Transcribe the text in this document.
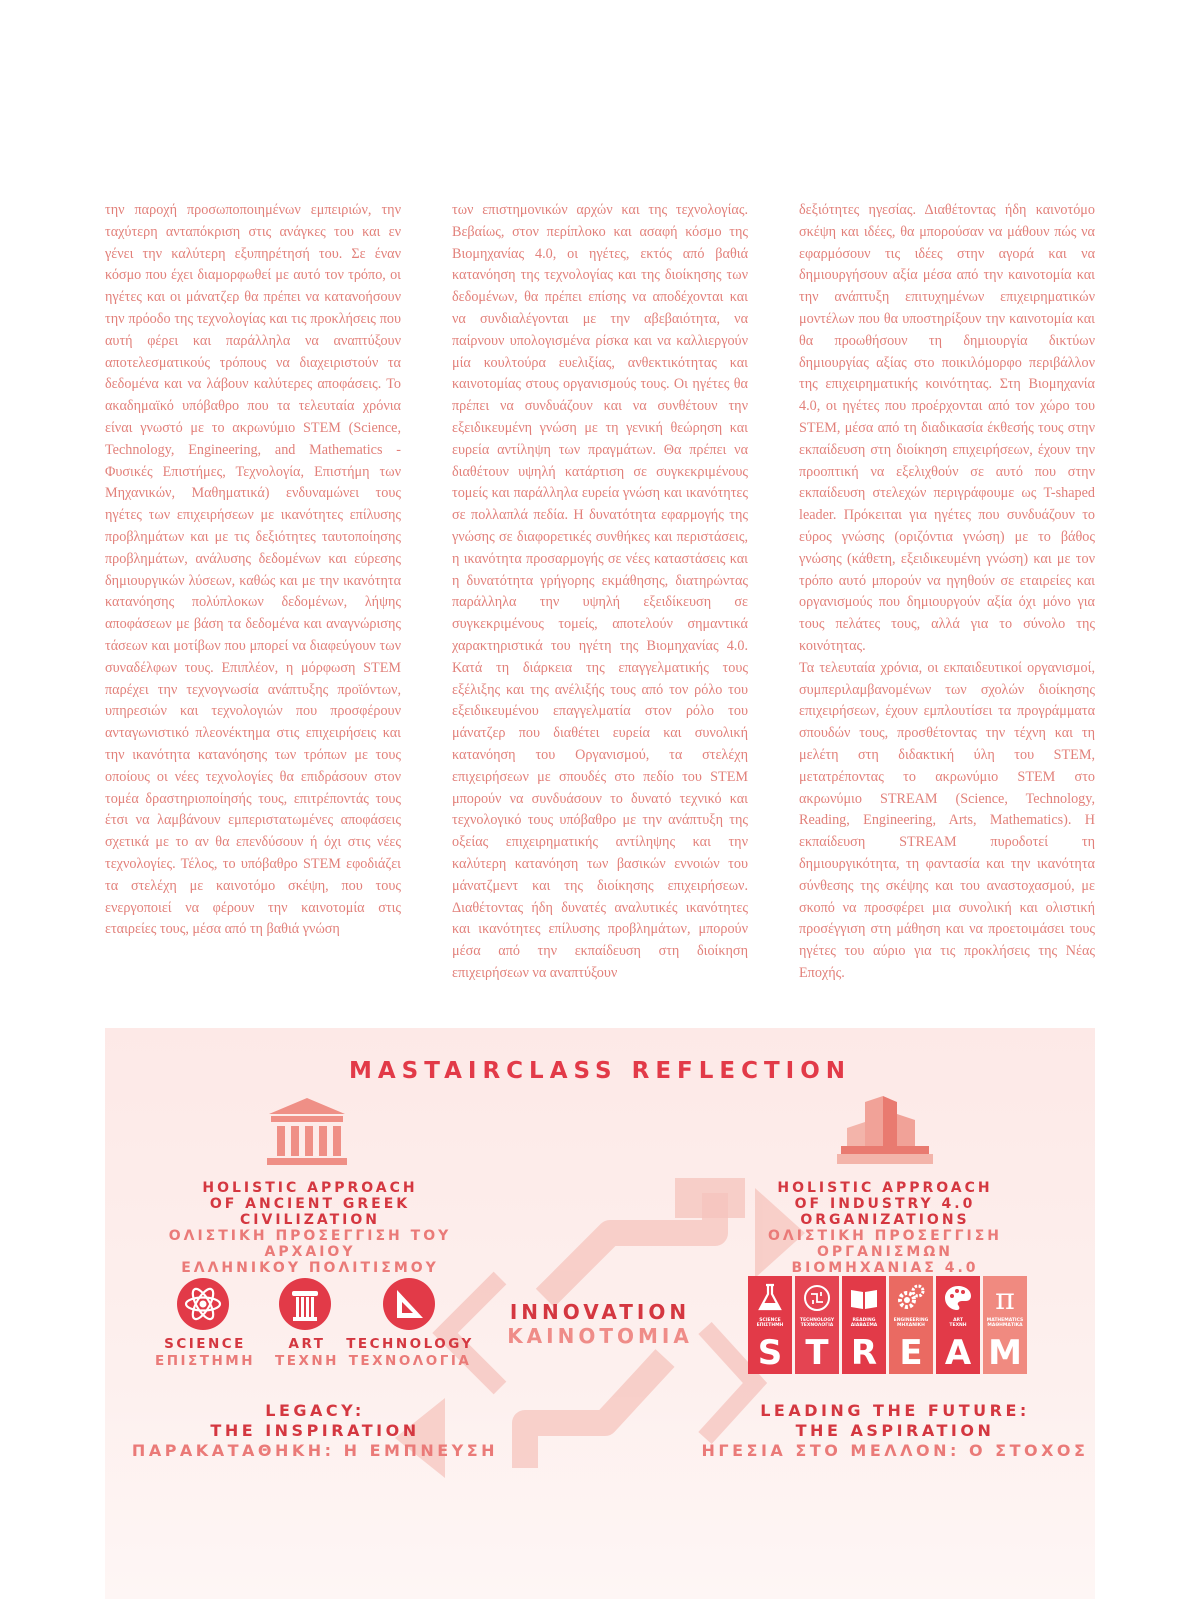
την παροχή προσωποποιημένων εμπειριών, την ταχύτερη ανταπόκριση στις ανάγκες του και εν γένει την καλύτερη εξυπηρέτησή του. Σε έναν κόσμο που έχει διαμορφωθεί με αυτό τον τρόπο, οι ηγέτες και οι μάνατζερ θα πρέπει να κατανοήσουν την πρόοδο της τεχνολογίας και τις προκλήσεις που αυτή φέρει και παράλληλα να αναπτύξουν αποτελεσματικούς τρόπους να διαχειριστούν τα δεδομένα και να λάβουν καλύτερες αποφάσεις. Το ακαδημαϊκό υπόβαθρο που τα τελευταία χρόνια είναι γνωστό με το ακρωνύμιο STEM (Science, Technology, Engineering, and Mathematics - Φυσικές Επιστήμες, Τεχνολογία, Επιστήμη των Μηχανικών, Μαθηματικά) ενδυναμώνει τους ηγέτες των επιχειρήσεων με ικανότητες επίλυσης προβλημάτων και με τις δεξιότητες ταυτοποίησης προβλημάτων, ανάλυσης δεδομένων και εύρεσης δημιουργικών λύσεων, καθώς και με την ικανότητα κατανόησης πολύπλοκων δεδομένων, λήψης αποφάσεων με βάση τα δεδομένα και αναγνώρισης τάσεων και μοτίβων που μπορεί να διαφεύγουν των συναδέλφων τους. Επιπλέον, η μόρφωση STEM παρέχει την τεχνογνωσία ανάπτυξης προϊόντων, υπηρεσιών και τεχνολογιών που προσφέρουν ανταγωνιστικό πλεονέκτημα στις επιχειρήσεις και την ικανότητα κατανόησης των τρόπων με τους οποίους οι νέες τεχνολογίες θα επιδράσουν στον τομέα δραστηριοποίησής τους, επιτρέποντάς τους έτσι να λαμβάνουν εμπεριστατωμένες αποφάσεις σχετικά με το αν θα επενδύσουν ή όχι στις νέες τεχνολογίες. Τέλος, το υπόβαθρο STEM εφοδιάζει τα στελέχη με καινοτόμο σκέψη, που τους ενεργοποιεί να φέρουν την καινοτομία στις εταιρείες τους, μέσα από τη βαθιά γνώση

των επιστημονικών αρχών και της τεχνολογίας. Βεβαίως, στον περίπλοκο και ασαφή κόσμο της Βιομηχανίας 4.0, οι ηγέτες, εκτός από βαθιά κατανόηση της τεχνολογίας και της διοίκησης των δεδομένων, θα πρέπει επίσης να αποδέχονται και να συνδιαλέγονται με την αβεβαιότητα, να παίρνουν υπολογισμένα ρίσκα και να καλλιεργούν μία κουλτούρα ευελιξίας, ανθεκτικότητας και καινοτομίας στους οργανισμούς τους. Οι ηγέτες θα πρέπει να συνδυάζουν και να συνθέτουν την εξειδικευμένη γνώση με τη γενική θεώρηση και ευρεία αντίληψη των πραγμάτων. Θα πρέπει να διαθέτουν υψηλή κατάρτιση σε συγκεκριμένους τομείς και παράλληλα ευρεία γνώση και ικανότητες σε πολλαπλά πεδία. Η δυνατότητα εφαρμογής της γνώσης σε διαφορετικές συνθήκες και περιστάσεις, η ικανότητα προσαρμογής σε νέες καταστάσεις και η δυνατότητα γρήγορης εκμάθησης, διατηρώντας παράλληλα την υψηλή εξειδίκευση σε συγκεκριμένους τομείς, αποτελούν σημαντικά χαρακτηριστικά του ηγέτη της Βιομηχανίας 4.0. Κατά τη διάρκεια της επαγγελματικής τους εξέλιξης και της ανέλιξής τους από τον ρόλο του εξειδικευμένου επαγγελματία στον ρόλο του μάνατζερ που διαθέτει ευρεία και συνολική κατανόηση του Οργανισμού, τα στελέχη επιχειρήσεων με σπουδές στο πεδίο του STEM μπορούν να συνδυάσουν το δυνατό τεχνικό και τεχνολογικό τους υπόβαθρο με την ανάπτυξη της οξείας επιχειρηματικής αντίληψης και την καλύτερη κατανόηση των βασικών εννοιών του μάνατζμεντ και της διοίκησης επιχειρήσεων. Διαθέτοντας ήδη δυνατές αναλυτικές ικανότητες και ικανότητες επίλυσης προβλημάτων, μπορούν μέσα από την εκπαίδευση στη διοίκηση επιχειρήσεων να αναπτύξουν

δεξιότητες ηγεσίας. Διαθέτοντας ήδη καινοτόμο σκέψη και ιδέες, θα μπορούσαν να μάθουν πώς να εφαρμόσουν τις ιδέες στην αγορά και να δημιουργήσουν αξία μέσα από την καινοτομία και την ανάπτυξη επιτυχημένων επιχειρηματικών μοντέλων που θα υποστηρίξουν την καινοτομία και θα προωθήσουν τη δημιουργία δικτύων δημιουργίας αξίας στο ποικιλόμορφο περιβάλλον της επιχειρηματικής κοινότητας. Στη Βιομηχανία 4.0, οι ηγέτες που προέρχονται από τον χώρο του STEM, μέσα από τη διαδικασία έκθεσής τους στην εκπαίδευση στη διοίκηση επιχειρήσεων, έχουν την προοπτική να εξελιχθούν σε αυτό που στην εκπαίδευση στελεχών περιγράφουμε ως T-shaped leader. Πρόκειται για ηγέτες που συνδυάζουν το εύρος γνώσης (οριζόντια γνώση) με το βάθος γνώσης (κάθετη, εξειδικευμένη γνώση) και με τον τρόπο αυτό μπορούν να ηγηθούν σε εταιρείες και οργανισμούς που δημιουργούν αξία όχι μόνο για τους πελάτες τους, αλλά για το σύνολο της κοινότητας.

Τα τελευταία χρόνια, οι εκπαιδευτικοί οργανισμοί, συμπεριλαμβανομένων των σχολών διοίκησης επιχειρήσεων, έχουν εμπλουτίσει τα προγράμματα σπουδών τους, προσθέτοντας την τέχνη και τη μελέτη στη διδακτική ύλη του STEM, μετατρέποντας το ακρωνύμιο STEM στο ακρωνύμιο STREAM (Science, Technology, Reading, Engineering, Arts, Mathematics). Η εκπαίδευση STREAM πυροδοτεί τη δημιουργικότητα, τη φαντασία και την ικανότητα σύνθεσης της σκέψης και του αναστοχασμού, με σκοπό να προσφέρει μια συνολική και ολιστική προσέγγιση στη μάθηση και να προετοιμάσει τους ηγέτες του αύριο για τις προκλήσεις της Νέας Εποχής.

MASTAIRCLASS REFLECTION
HOLISTIC APPROACH
OF ANCIENT GREEK CIVILIZATION
ΟΛΙΣΤΙΚΗ ΠΡΟΣΕΓΓΙΣΗ ΤΟΥ ΑΡΧΑΙΟΥ
ΕΛΛΗΝΙΚΟΥ ΠΟΛΙΤΙΣΜΟΥ
HOLISTIC APPROACH
OF INDUSTRY 4.0 ORGANIZATIONS
ΟΛΙΣΤΙΚΗ ΠΡΟΣΕΓΓΙΣΗ ΟΡΓΑΝΙΣΜΩΝ
ΒΙΟΜΗΧΑΝΙΑΣ 4.0
SCIENCE
ΕΠΙΣΤΗΜΗ
ART
ΤΕΧΝΗ
TECHNOLOGY
ΤΕΧΝΟΛΟΓΙΑ
INNOVATION
ΚΑΙΝΟΤΟΜΙΑ
SCIENCE
ΕΠΙΣΤΗΜΗ
S
TECHNOLOGY
ΤΕΧΝΟΛΟΓΙΑ
T
READING
ΔΙΑΒΑΣΜΑ
R
ENGINEERING
ΜΗΧΑΝΙΚΗ
E
ART
ΤΕΧΝΗ
A
π
MATHEMATICS
ΜΑΘΗΜΑΤΙΚΑ
M
LEGACY:
THE INSPIRATION
ΠΑΡΑΚΑΤΑΘΗΚΗ: Η ΕΜΠΝΕΥΣΗ
LEADING THE FUTURE:
THE ASPIRATION
ΗΓΕΣΙΑ ΣΤΟ ΜΕΛΛΟΝ: Ο ΣΤΟΧΟΣ
